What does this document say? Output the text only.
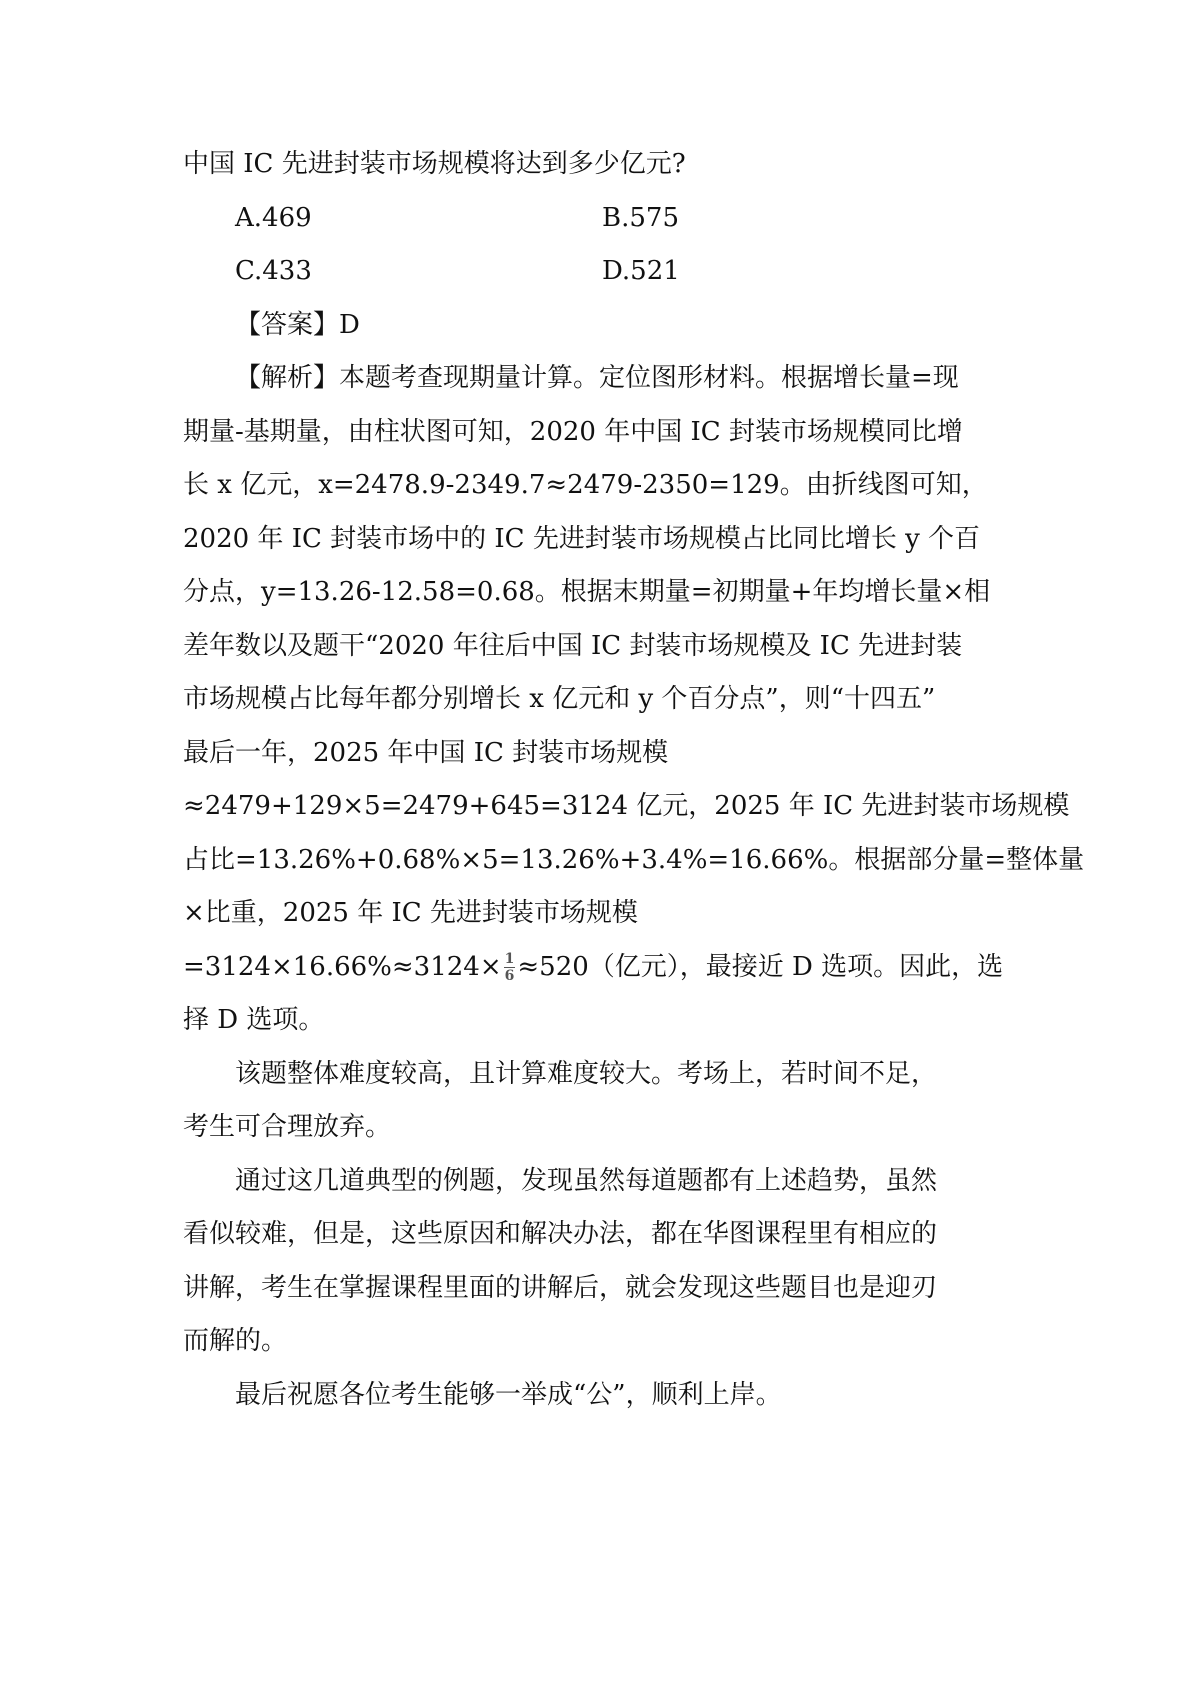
中国 IC 先进封装市场规模将达到多少亿元?
A.469	B.575
C.433	D.521
【答案】D
【解析】本题考查现期量计算。定位图形材料。根据增长量=现
期量-基期量，由柱状图可知，2020 年中国 IC 封装市场规模同比增
长 x 亿元，x=2478.9-2349.7≈2479-2350=129。由折线图可知，
2020 年 IC 封装市场中的 IC 先进封装市场规模占比同比增长 y 个百
分点，y=13.26-12.58=0.68。根据末期量=初期量+年均增长量×相
差年数以及题干“2020 年往后中国 IC 封装市场规模及 IC 先进封装
市场规模占比每年都分别增长 x 亿元和 y 个百分点”，则“十四五”
最后一年，2025 年中国 IC 封装市场规模
≈2479+129×5=2479+645=3124 亿元，2025 年 IC 先进封装市场规模
占比=13.26%+0.68%×5=13.26%+3.4%=16.66%。根据部分量=整体量
×比重，2025 年 IC 先进封装市场规模
$=3124\times 16.66\%\approx 3124\times \frac{1}{6} \approx 520$（亿元），最接近 D 选项。因此，选
择 D 选项。
该题整体难度较高，且计算难度较大。考场上，若时间不足，
考生可合理放弃。
通过这几道典型的例题，发现虽然每道题都有上述趋势，虽然
看似较难，但是，这些原因和解决办法，都在华图课程里有相应的
讲解，考生在掌握课程里面的讲解后，就会发现这些题目也是迎刃
而解的。
最后祝愿各位考生能够一举成“公”，顺利上岸。
